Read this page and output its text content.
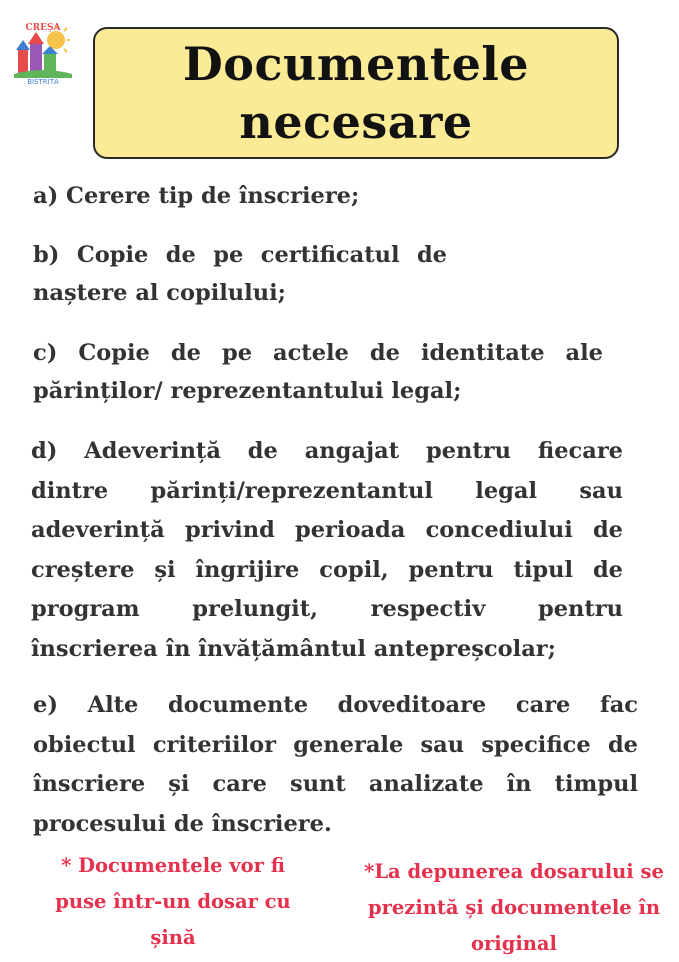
CREȘA
BISTRIȚA	Documentele
necesare
a) Cerere tip de înscriere;
b) Copie de pe certificatul de
naștere al copilului;
c) Copie de pe actele de identitate ale
părinților/ reprezentantului legal;
d) Adeverință de angajat pentru fiecare
dintre părinți/reprezentantul legal sau
adeverință privind perioada concediului de
creștere și îngrijire copil, pentru tipul de
program prelungit, respectiv pentru
înscrierea în învățământul antepreșcolar;
e) Alte documente doveditoare care fac
obiectul criteriilor generale sau specifice de
înscriere și care sunt analizate în timpul
procesului de înscriere.
* Documentele vor fi
puse într-un dosar cu
șină
*La depunerea dosarului se
prezintă și documentele în
original
